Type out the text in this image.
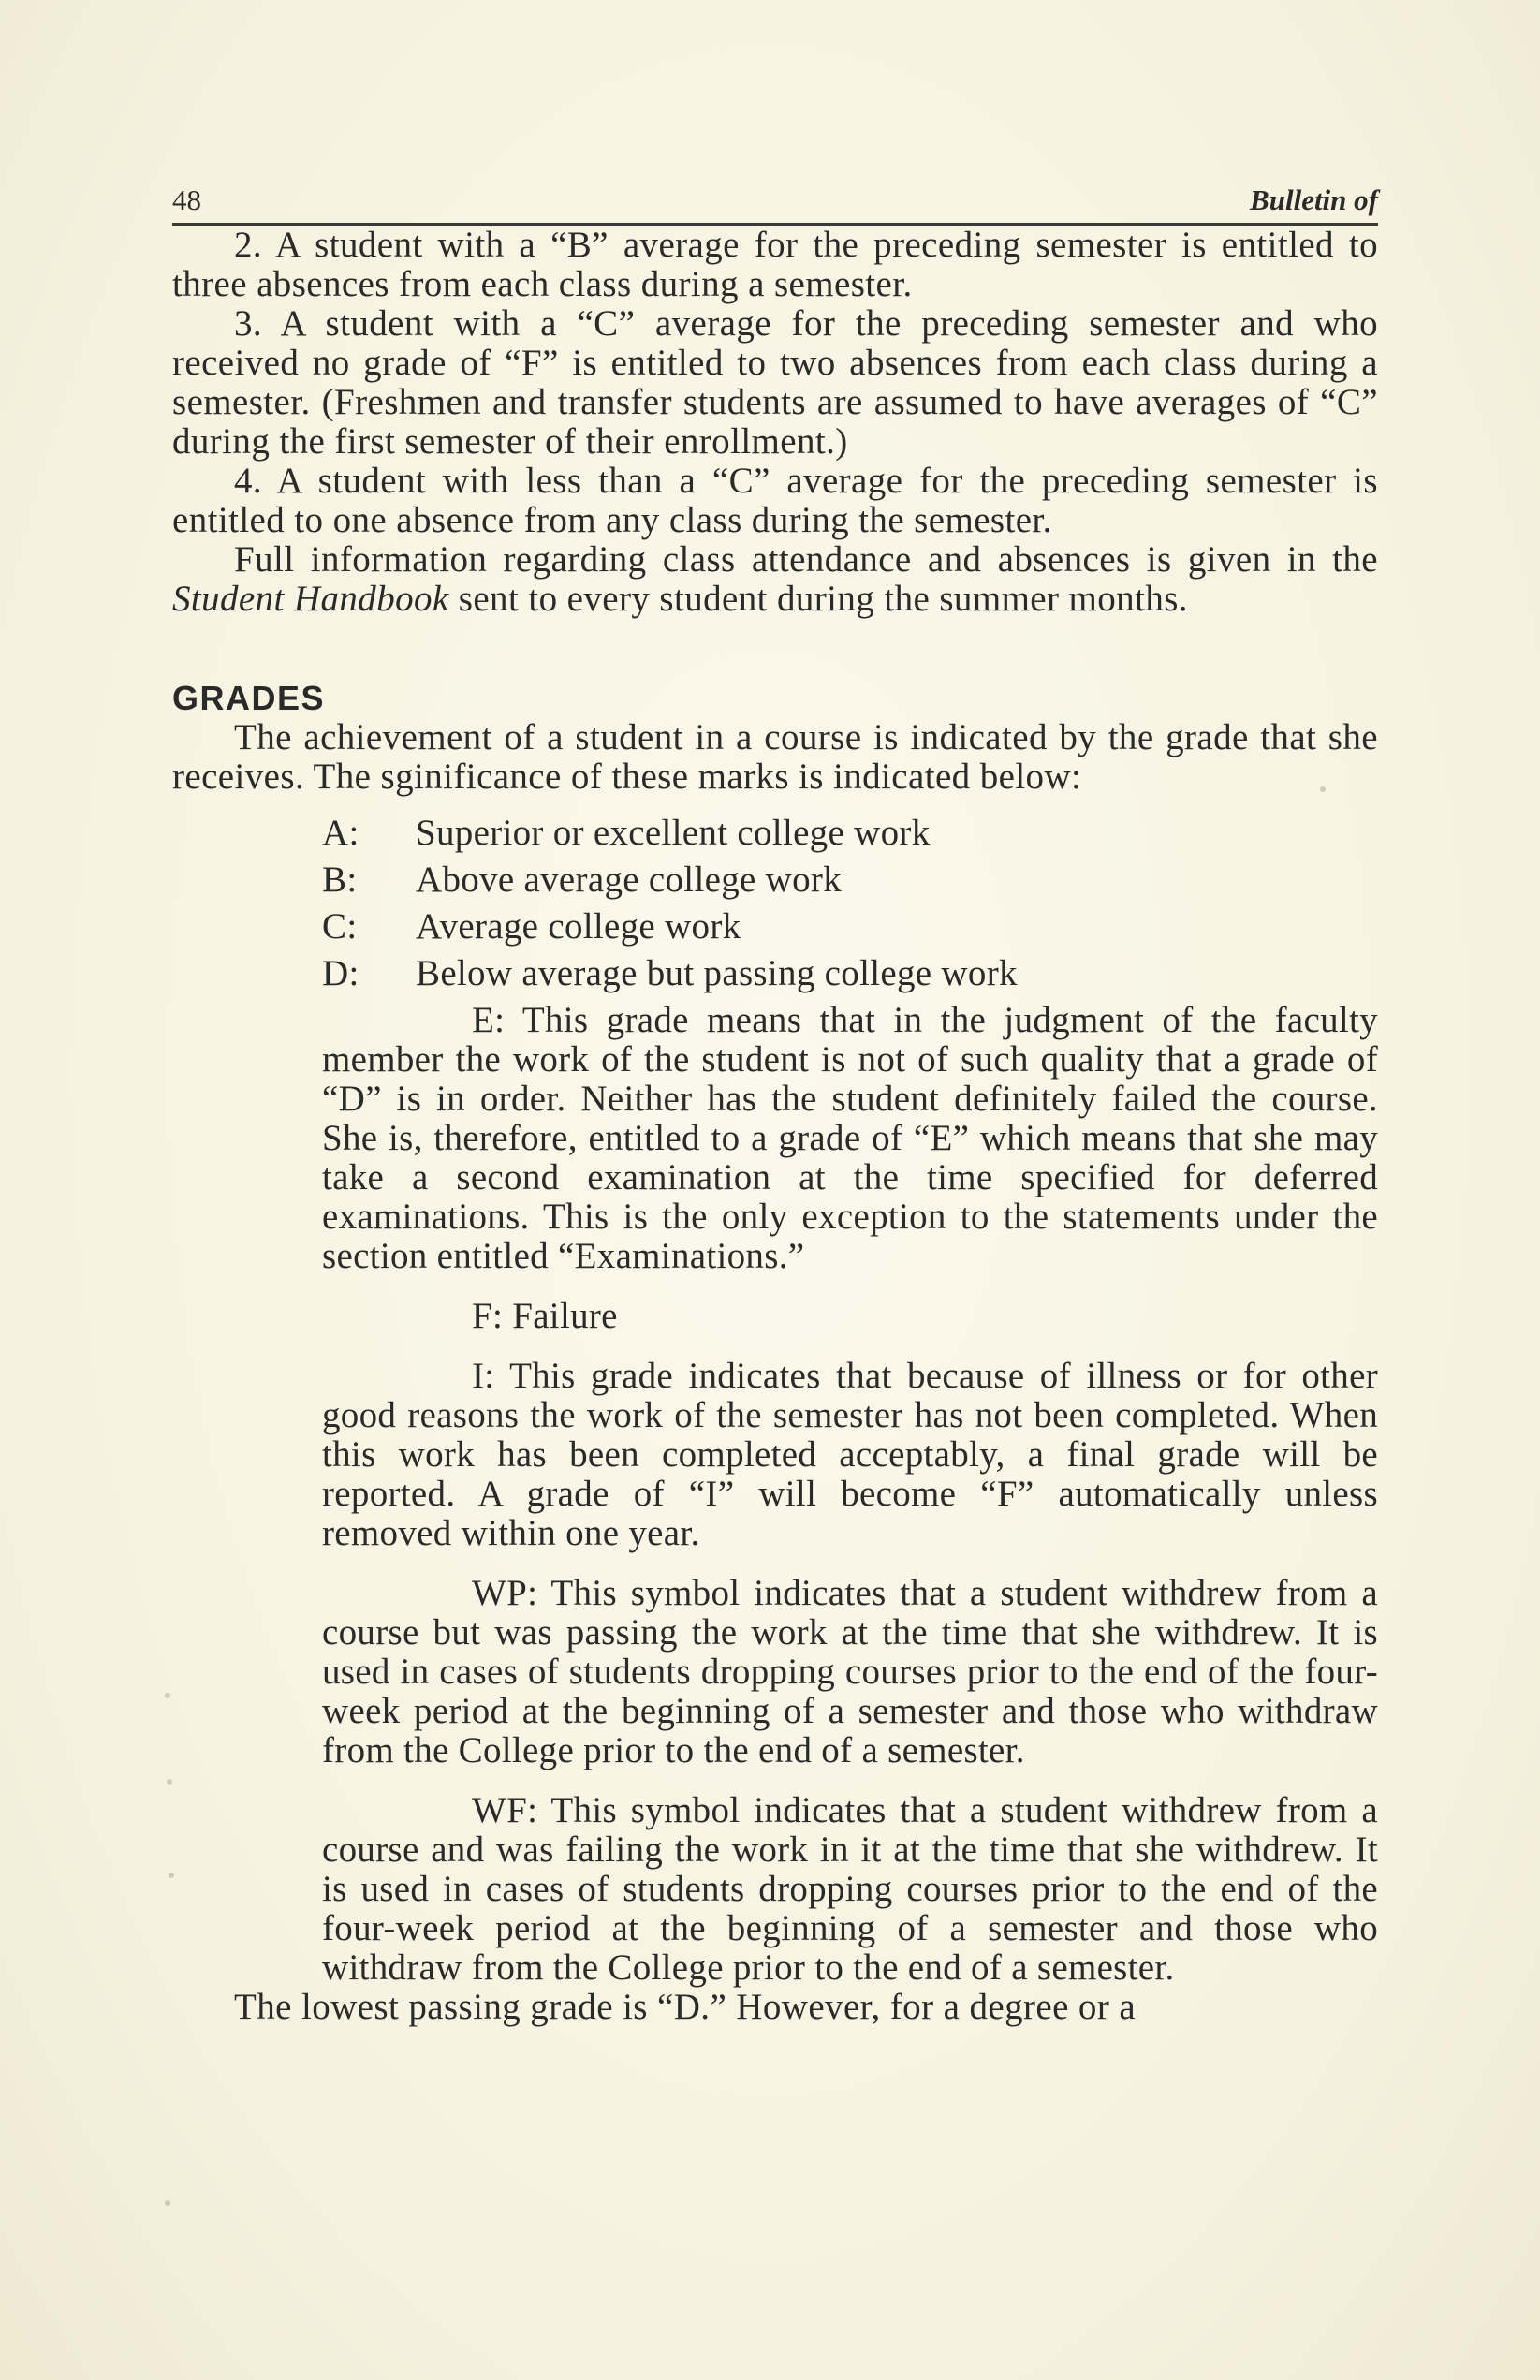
48	Bulletin of

2. A student with a “B” average for the preceding semester is entitled to three absences from each class during a semester.

3. A student with a “C” average for the preceding semester and who received no grade of “F” is entitled to two absences from each class during a semester. (Freshmen and transfer students are assumed to have averages of “C” during the first semester of their enrollment.)

4. A student with less than a “C” average for the preceding semester is entitled to one absence from any class during the semester.

Full information regarding class attendance and absences is given in the Student Handbook sent to every student during the summer months.

GRADES

The achievement of a student in a course is indicated by the grade that she receives. The sginificance of these marks is indicated below:

A: Superior or excellent college work

B: Above average college work

C: Average college work

D: Below average but passing college work

E: This grade means that in the judgment of the faculty member the work of the student is not of such quality that a grade of “D” is in order. Neither has the student definitely failed the course. She is, therefore, entitled to a grade of “E” which means that she may take a second examination at the time specified for deferred examinations. This is the only exception to the statements under the section entitled “Examinations.”

F: Failure

I: This grade indicates that because of illness or for other good reasons the work of the semester has not been completed. When this work has been completed acceptably, a final grade will be reported. A grade of “I” will become “F” automatically unless removed within one year.

WP: This symbol indicates that a student withdrew from a course but was passing the work at the time that she withdrew. It is used in cases of students dropping courses prior to the end of the four-week period at the beginning of a semester and those who withdraw from the College prior to the end of a semester.

WF: This symbol indicates that a student withdrew from a course and was failing the work in it at the time that she withdrew. It is used in cases of students dropping courses prior to the end of the four-week period at the beginning of a semester and those who withdraw from the College prior to the end of a semester.

The lowest passing grade is “D.” However, for a degree or a
